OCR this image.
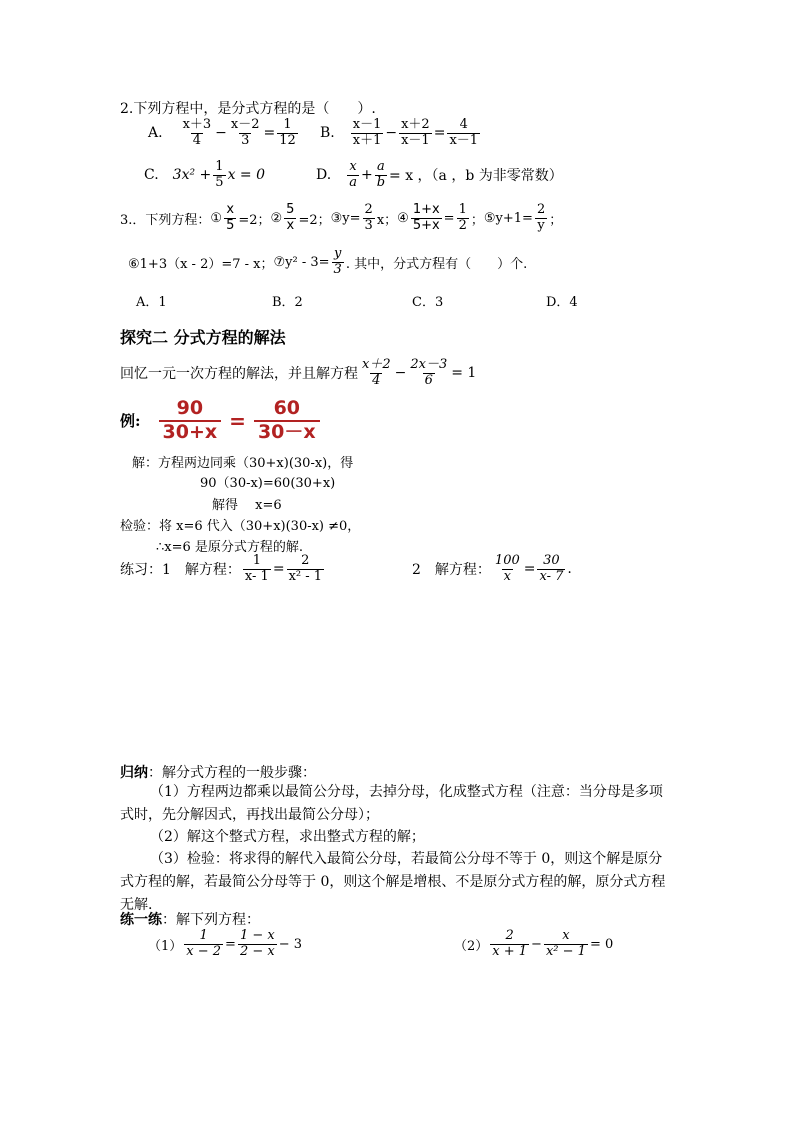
2.下列方程中，是分式方程的是（　　）.
A. $\frac{x+3}{4} - \frac{x-2}{3} = \frac{1}{12} B$. $\frac{x-1}{x+1} - \frac{x+2}{x-1} = \frac{4}{x-1}$
C. $3x^2 + \frac{1}{5}$ x = 0	D. $\frac{x}{a} + \frac{a}{b} = x$ ，（a ，b 为非零常数）
3.．下列方程： ① $\frac{x}{5} =2$； ② $\frac{5}{x} =2$； ③y= $\frac{2}{3}$ x； ④ $\frac{1+x}{5+x} = \frac{1}{2}$ ； ⑤y+1= $\frac{2}{y}$ ；
⑥1+3（x - 2）=7 - x； ⑦y² - $3= \frac{y}{3}$ . 其中，分式方程有（　　）个.
A．1	B．2	C．3	D．4
探究二 分式方程的解法
回忆一元一次方程的解法，并且解方程 $\frac{x+2}{4} - \frac{2x-3}{6} = 1$
例: $\frac{90}{30+x} = \frac{60}{30-x}$
解：方程两边同乘（30+x)(30-x)，得
90（30-x)=60(30+x)
解得　 x=6
检验：将 x=6 代入（30+x)(30-x) ≠0，
∴x=6 是原分式方程的解.
练习：1　解方程： $\frac{1}{x- 1} = \frac{2}{\text{x² - 1}}$	2　解方程： $\frac{100}{x} = \frac{30}{x- 7}$ .
归纳：解分式方程的一般步骤：
（1）方程两边都乘以最简公分母，去掉分母，化成整式方程（注意：当分母是多项式时，先分解因式，再找出最简公分母）；
（2）解这个整式方程，求出整式方程的解；
（3）检验：将求得的解代入最简公分母，若最简公分母不等于 0，则这个解是原分式方程的解，若最简公分母等于 0，则这个解是增根、不是原分式方程的解，原分式方程无解.
练一练：解下列方程：
$(1) \frac{1}{x - 2} = \frac{1 - x}{2 - x} - 3$	$(2) \frac{2}{x + 1} - \frac{x}{\text{x² − 1}} = 0$
